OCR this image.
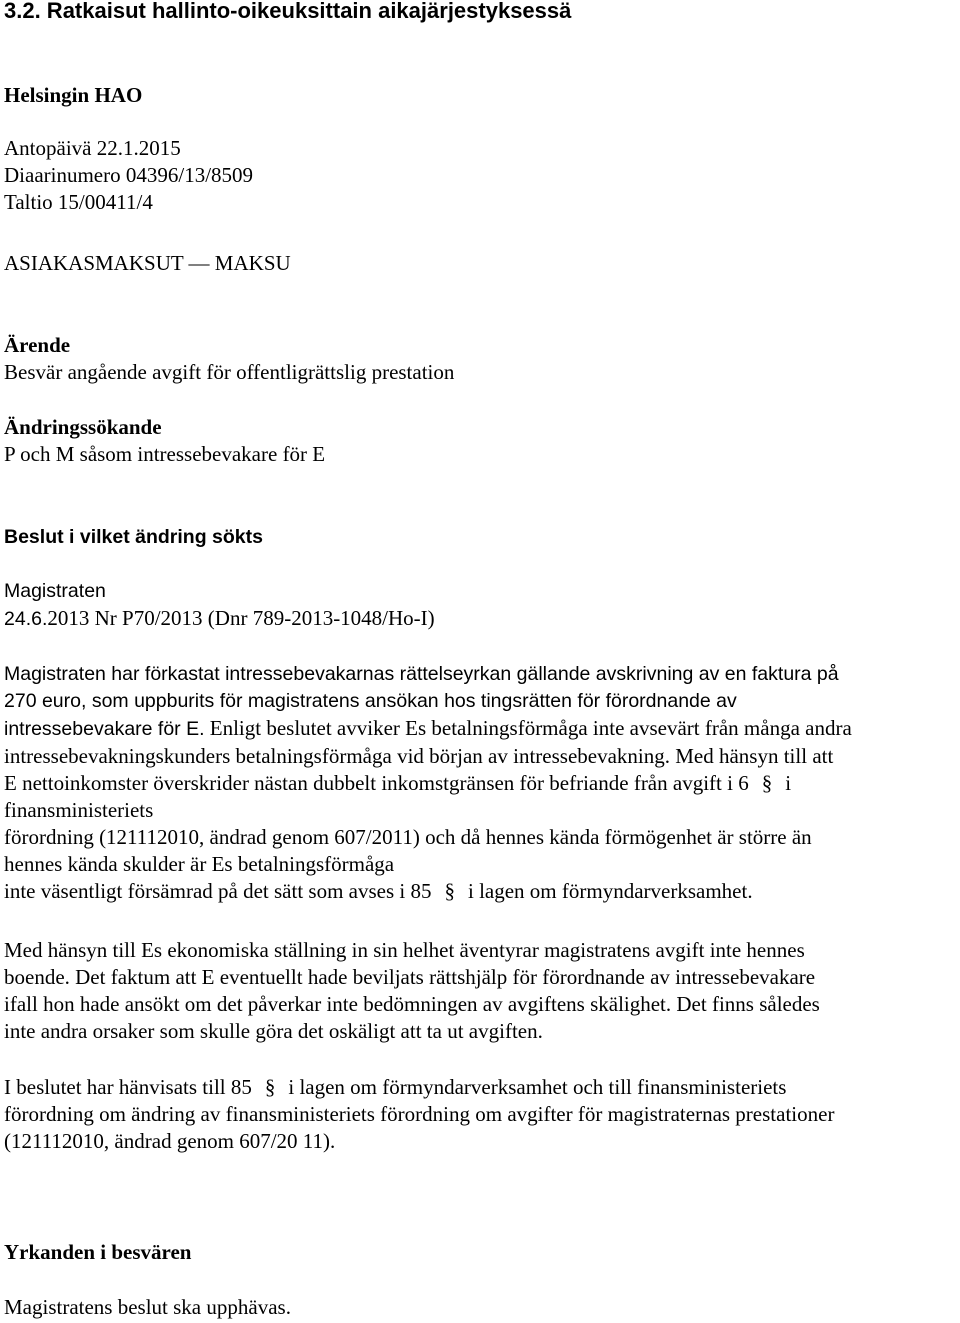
3.2. Ratkaisut hallinto-oikeuksittain aikajärjestyksessä

Helsingin HAO

Antopäivä 22.1.2015
Diaarinumero 04396/13/8509
Taltio 15/00411/4

ASIAKASMAKSUT — MAKSU

Ärende
Besvär angående avgift för offentligrättslig prestation
Ändringssökande
P och M såsom intressebevakare för E

Beslut i vilket ändring sökts

Magistraten
24.6.2013 Nr P70/2013 (Dnr 789-2013-1048/Ho-I)
Magistraten har förkastat intressebevakarnas rättelseyrkan gällande avskrivning av en faktura på
270 euro, som uppburits för magistratens ansökan hos tingsrätten för förordnande av
intressebevakare för E. Enligt beslutet avviker Es betalningsförmåga inte avsevärt från många andra
intressebevakningskunders betalningsförmåga vid början av intressebevakning. Med hänsyn till att
E nettoinkomster överskrider nästan dubbelt inkomstgränsen för befriande från avgift i 6 § i
finansministeriets
förordning (121112010, ändrad genom 607/2011) och då hennes kända förmögenhet är större än
hennes kända skulder är Es betalningsförmåga
inte väsentligt försämrad på det sätt som avses i 85 § i lagen om förmyndarverksamhet.
Med hänsyn till Es ekonomiska ställning in sin helhet äventyrar magistratens avgift inte hennes
boende. Det faktum att E eventuellt hade beviljats rättshjälp för förordnande av intressebevakare
ifall hon hade ansökt om det påverkar inte bedömningen av avgiftens skälighet. Det finns således
inte andra orsaker som skulle göra det oskäligt att ta ut avgiften.
I beslutet har hänvisats till 85 § i lagen om förmyndarverksamhet och till finansministeriets
förordning om ändring av finansministeriets förordning om avgifter för magistraternas prestationer
(121112010, ändrad genom 607/20 11).

Yrkanden i besvären

Magistratens beslut ska upphävas.
